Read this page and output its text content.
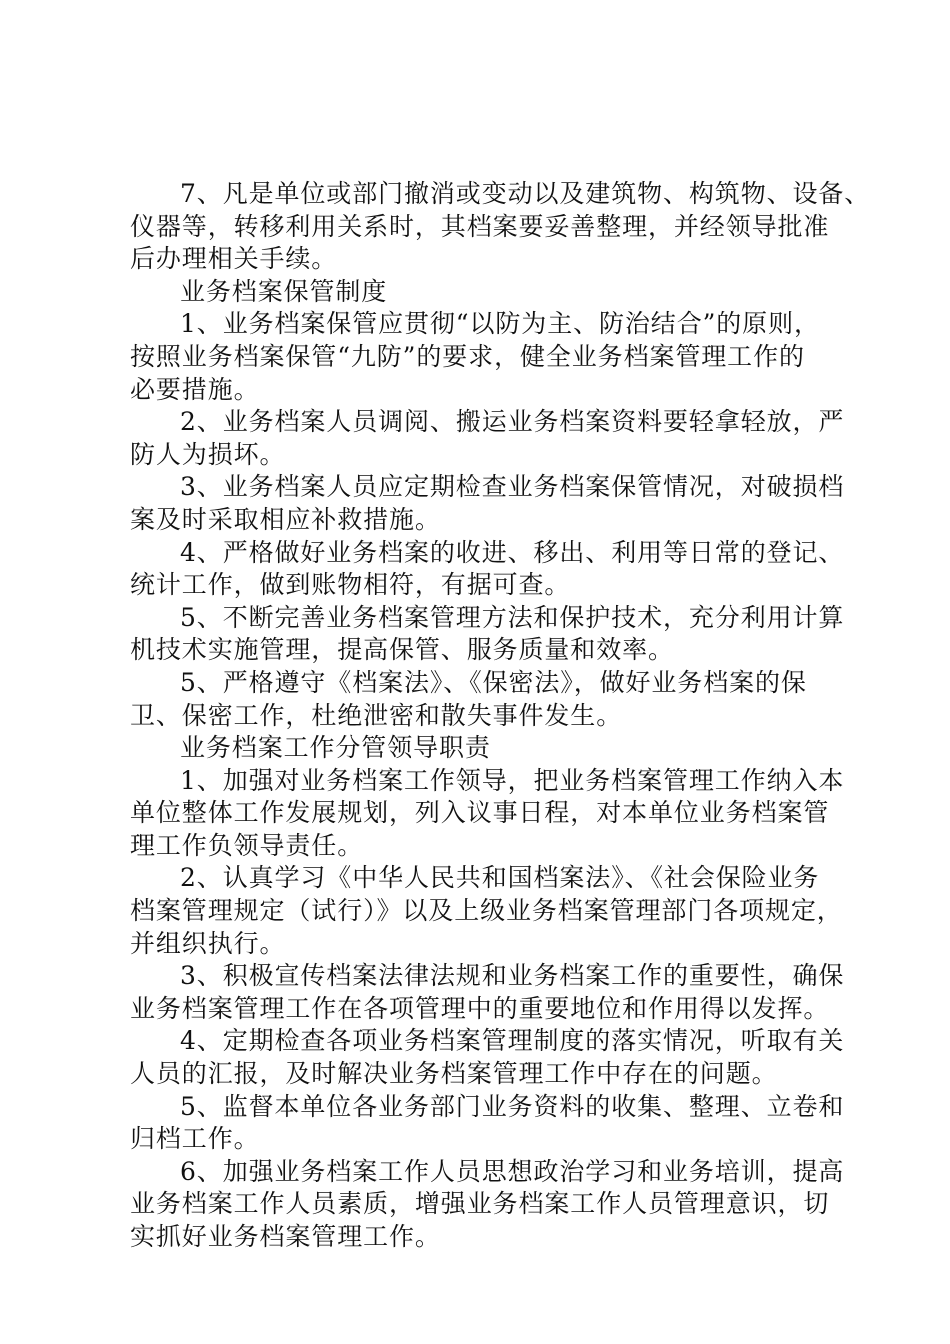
7、凡是单位或部门撤消或变动以及建筑物、构筑物、设备、
仪器等，转移利用关系时，其档案要妥善整理，并经领导批准
后办理相关手续。
业务档案保管制度
1、业务档案保管应贯彻“以防为主、防治结合”的原则，
按照业务档案保管“九防”的要求，健全业务档案管理工作的
必要措施。
2、业务档案人员调阅、搬运业务档案资料要轻拿轻放，严
防人为损坏。
3、业务档案人员应定期检查业务档案保管情况，对破损档
案及时采取相应补救措施。
4、严格做好业务档案的收进、移出、利用等日常的登记、
统计工作，做到账物相符，有据可查。
5、不断完善业务档案管理方法和保护技术，充分利用计算
机技术实施管理，提高保管、服务质量和效率。
5、严格遵守《档案法》、《保密法》，做好业务档案的保
卫、保密工作，杜绝泄密和散失事件发生。
业务档案工作分管领导职责
1、加强对业务档案工作领导，把业务档案管理工作纳入本
单位整体工作发展规划，列入议事日程，对本单位业务档案管
理工作负领导责任。
2、认真学习《中华人民共和国档案法》、《社会保险业务
档案管理规定（试行）》以及上级业务档案管理部门各项规定，
并组织执行。
3、积极宣传档案法律法规和业务档案工作的重要性，确保
业务档案管理工作在各项管理中的重要地位和作用得以发挥。
4、定期检查各项业务档案管理制度的落实情况，听取有关
人员的汇报，及时解决业务档案管理工作中存在的问题。
5、监督本单位各业务部门业务资料的收集、整理、立卷和
归档工作。
6、加强业务档案工作人员思想政治学习和业务培训，提高
业务档案工作人员素质，增强业务档案工作人员管理意识，切
实抓好业务档案管理工作。
